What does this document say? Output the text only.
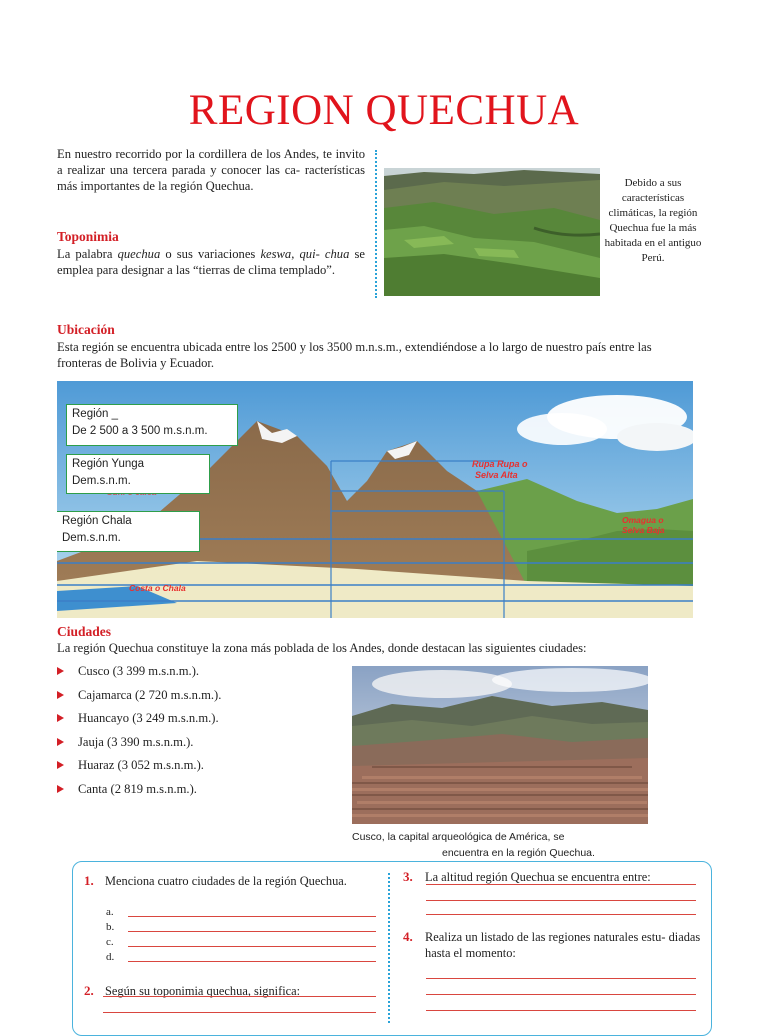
REGION QUECHUA
En nuestro recorrido por la cordillera de los Andes, te invito a realizar una tercera parada y conocer las ca- racterísticas más importantes de la región Quechua.
Toponimia
La palabra quechua o sus variaciones keswa, qui- chua se emplea para designar a las “tierras de clima templado”.
Debido a sus características climáticas, la región Quechua fue la más habitada en el antiguo Perú.
Ubicación
Esta región se encuentra ubicada entre los 2500 y los 3500 m.n.s.m., extendiéndose a lo largo de nuestro país entre las fronteras de Bolivia y Ecuador.
Rupa Rupa o
Selva Alta
Omagua o
Selva Baja
Costa o Chala
Región _
De 2 500 a 3 500 m.s.n.m.
Región Yunga
Dem.s.n.m.
Región Chala
Dem.s.n.m.
Ciudades
La región Quechua constituye la zona más poblada de los Andes, donde destacan las siguientes ciudades:
Cusco (3 399 m.s.n.m.).
Cajamarca (2 720 m.s.n.m.).
Huancayo (3 249 m.s.n.m.).
Jauja (3 390 m.s.n.m.).
Huaraz (3 052 m.s.n.m.).
Canta (2 819 m.s.n.m.).
Cusco, la capital arqueológica de América, se
encuentra en la región Quechua.
1. Menciona cuatro ciudades de la región Quechua.
a.
b.
c.
d.
2. Según su toponimia quechua, significa:
3. La altitud región Quechua se encuentra entre:
4. Realiza un listado de las regiones naturales estu- diadas hasta el momento:
